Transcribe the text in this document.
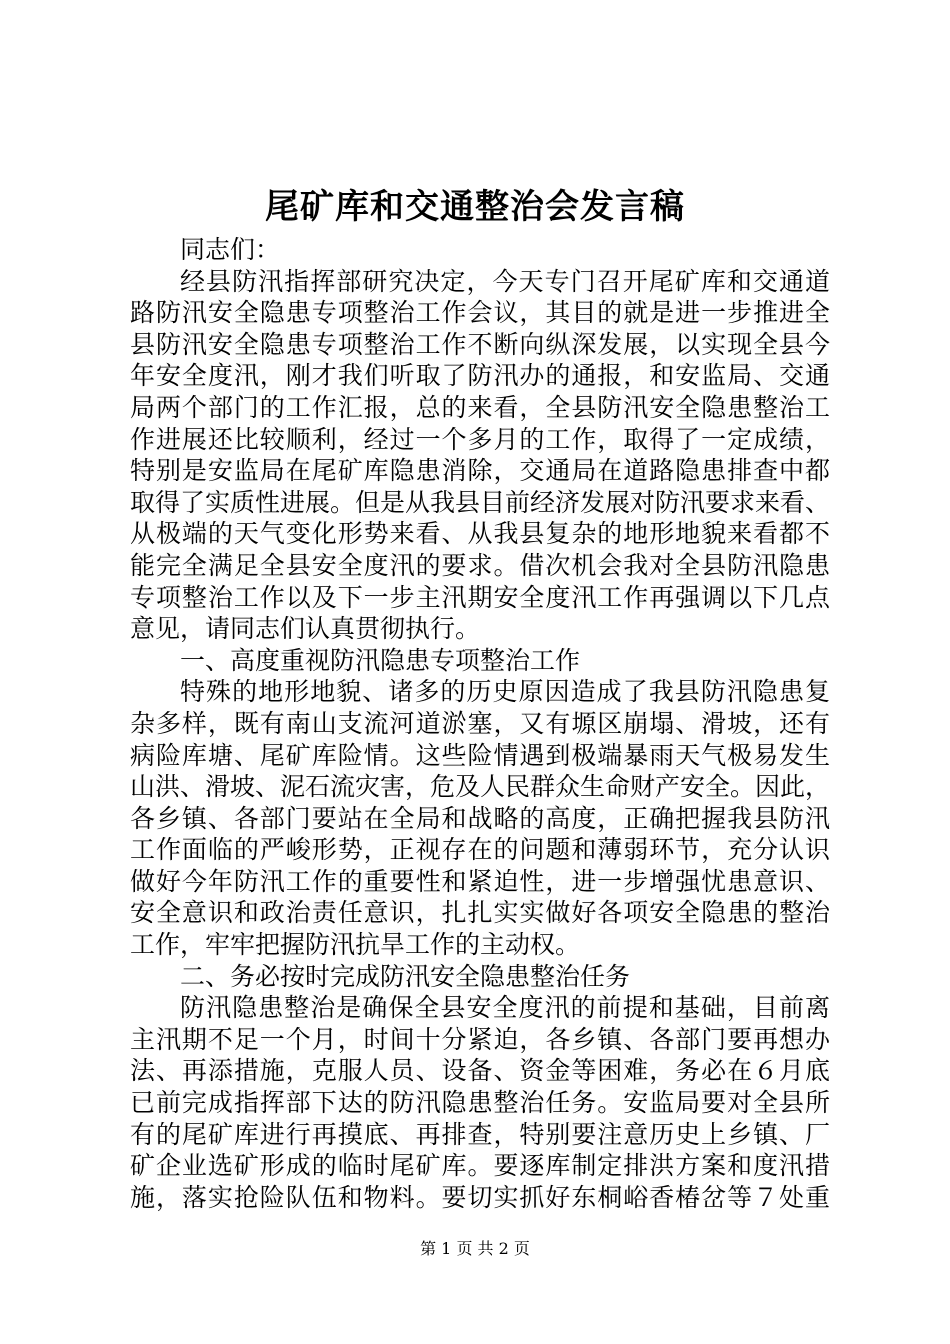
尾矿库和交通整治会发言稿
同志们：
经县防汛指挥部研究决定，今天专门召开尾矿库和交通道
路防汛安全隐患专项整治工作会议，其目的就是进一步推进全
县防汛安全隐患专项整治工作不断向纵深发展，以实现全县今
年安全度汛，刚才我们听取了防汛办的通报，和安监局、交通
局两个部门的工作汇报，总的来看，全县防汛安全隐患整治工
作进展还比较顺利，经过一个多月的工作，取得了一定成绩，
特别是安监局在尾矿库隐患消除，交通局在道路隐患排查中都
取得了实质性进展。但是从我县目前经济发展对防汛要求来看、
从极端的天气变化形势来看、从我县复杂的地形地貌来看都不
能完全满足全县安全度汛的要求。借次机会我对全县防汛隐患
专项整治工作以及下一步主汛期安全度汛工作再强调以下几点
意见，请同志们认真贯彻执行。
一、高度重视防汛隐患专项整治工作
特殊的地形地貌、诸多的历史原因造成了我县防汛隐患复
杂多样，既有南山支流河道淤塞，又有塬区崩塌、滑坡，还有
病险库塘、尾矿库险情。这些险情遇到极端暴雨天气极易发生
山洪、滑坡、泥石流灾害，危及人民群众生命财产安全。因此，
各乡镇、各部门要站在全局和战略的高度，正确把握我县防汛
工作面临的严峻形势，正视存在的问题和薄弱环节，充分认识
做好今年防汛工作的重要性和紧迫性，进一步增强忧患意识、
安全意识和政治责任意识，扎扎实实做好各项安全隐患的整治
工作，牢牢把握防汛抗旱工作的主动权。
二、务必按时完成防汛安全隐患整治任务
防汛隐患整治是确保全县安全度汛的前提和基础，目前离
主汛期不足一个月，时间十分紧迫，各乡镇、各部门要再想办
法、再添措施，克服人员、设备、资金等困难，务必在６月底
已前完成指挥部下达的防汛隐患整治任务。安监局要对全县所
有的尾矿库进行再摸底、再排查，特别要注意历史上乡镇、厂
矿企业选矿形成的临时尾矿库。要逐库制定排洪方案和度汛措
施，落实抢险队伍和物料。要切实抓好东桐峪香椿岔等７处重
第 1 页 共 2 页
